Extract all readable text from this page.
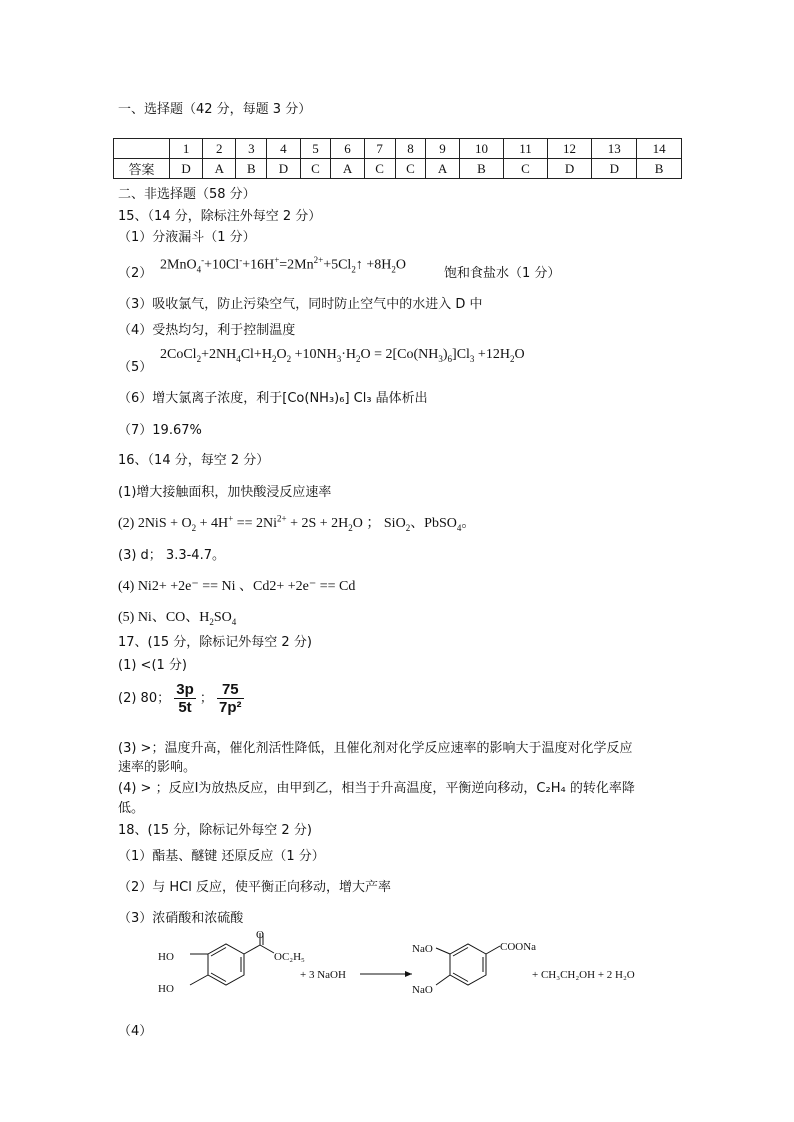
一、选择题（42 分，每题 3 分）
	1	2	3	4	5	6	7	8	9	10	11	12	13	14
答案	D	A	B	D	C	A	C	C	A	B	C	D	D	B
二、非选择题（58 分）
15、（14 分，除标注外每空 2 分）
（1）分液漏斗（1 分）
（2）
$2MnO_4^-+10Cl^-+16H^+=2Mn^{2+}+5Cl_2↑ +8H_2O$
饱和食盐水（1 分）
（3）吸收氯气，防止污染空气，同时防止空气中的水进入 D 中
（4）受热均匀，利于控制温度
（5）
$2CoCl_2+2NH_4Cl+H_2O_2 +10NH_3\cdot H_2O = 2[Co(NH_3)_6]Cl_3 +12H_2O$
（6）增大氯离子浓度，利于[Co(NH₃)₆] Cl₃ 晶体析出
（7）19.67%
16、（14 分，每空 2 分）
(1)增大接触面积，加快酸浸反应速率
(2) $2NiS + O_2 + 4H^+ == 2Ni^{2+} + 2S + 2H_2O$ ； SiO$_2$、PbSO$_4$。
(3) d； 3.3-4.7。
(4) Ni2+ +2e⁻ == Ni 、Cd2+ +2e⁻ == Cd
(5) Ni、CO、$H_2SO_4$
17、(15 分，除标记外每空 2 分)
(1) <(1 分)
(2) 80； $\frac{3p}{5t}$ ； $\frac{75}{\text{7p²}}$
(3) >；温度升高，催化剂活性降低，且催化剂对化学反应速率的影响大于温度对化学反应
速率的影响。
(4) > ；反应I为放热反应，由甲到乙，相当于升高温度，平衡逆向移动，C₂H₄ 的转化率降
低。
18、(15 分，除标记外每空 2 分)
（1）酯基、醚键 还原反应（1 分）
（2）与 HCl 反应，使平衡正向移动，增大产率
（3）浓硝酸和浓硫酸
（4）
HO
HO
O
OC₂H₅
+ 3 NaOH
NaO
NaO
COONa
+ CH₃CH₂OH + 2 H₂O
